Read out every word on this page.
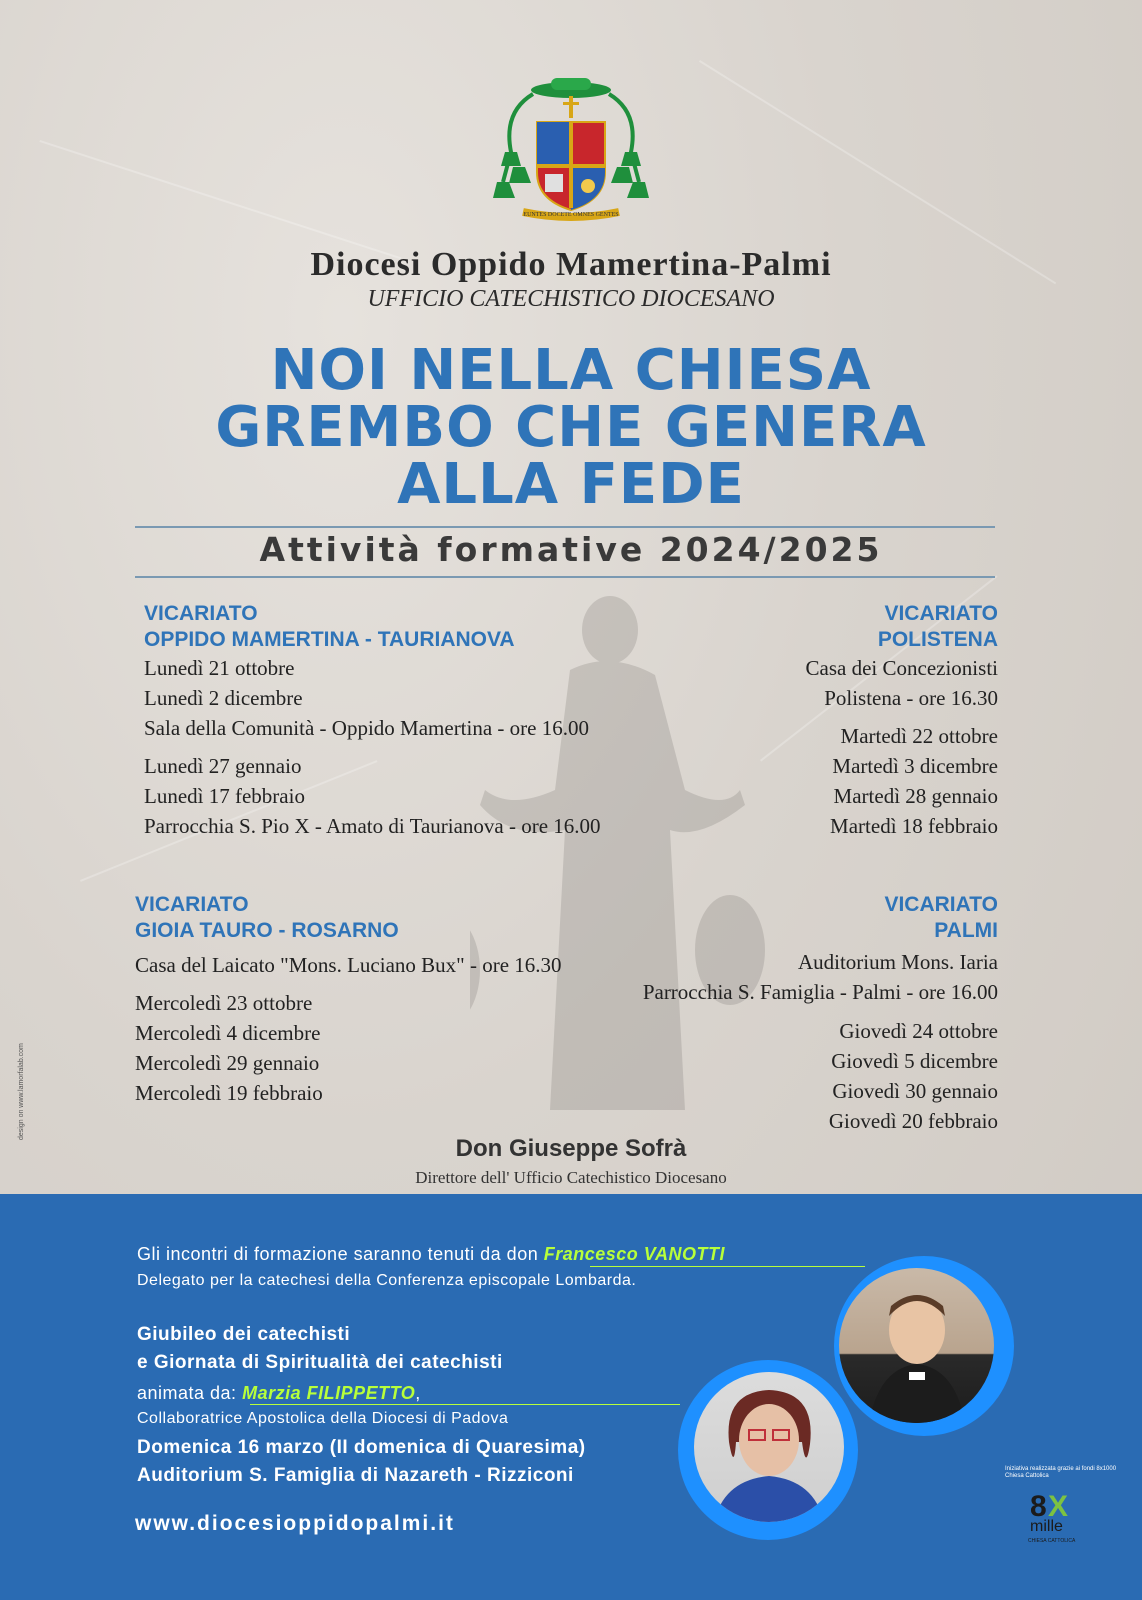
EUNTES DOCETE OMNES GENTES
Diocesi Oppido Mamertina-Palmi
UFFICIO CATECHISTICO DIOCESANO
NOI NELLA CHIESA
GREMBO CHE GENERA
ALLA FEDE
Attività formative 2024/2025
VICARIATO
OPPIDO MAMERTINA - TAURIANOVA
Lunedì 21 ottobre
Lunedì 2 dicembre
Sala della Comunità - Oppido Mamertina - ore 16.00
Lunedì 27 gennaio
Lunedì 17 febbraio
Parrocchia S. Pio X - Amato di Taurianova - ore 16.00
VICARIATO
POLISTENA
Casa dei Concezionisti
Polistena - ore 16.30
Martedì 22 ottobre
Martedì 3 dicembre
Martedì 28 gennaio
Martedì 18 febbraio
VICARIATO
GIOIA TAURO - ROSARNO
Casa del Laicato "Mons. Luciano Bux" - ore 16.30
Mercoledì 23 ottobre
Mercoledì 4 dicembre
Mercoledì 29 gennaio
Mercoledì 19 febbraio
VICARIATO
PALMI
Auditorium Mons. Iaria
Parrocchia S. Famiglia - Palmi - ore 16.00
Giovedì 24 ottobre
Giovedì 5 dicembre
Giovedì 30 gennaio
Giovedì 20 febbraio
Don Giuseppe Sofrà
Direttore dell' Ufficio Catechistico Diocesano
design on www.lamorfalab.com
Gli incontri di formazione saranno tenuti da don Francesco VANOTTI
Delegato per la catechesi della Conferenza episcopale Lombarda.
Giubileo dei catechisti
e Giornata di Spiritualità dei catechisti
animata da: Marzia FILIPPETTO,
Collaboratrice Apostolica della Diocesi di Padova
Domenica 16 marzo (II domenica di Quaresima)
Auditorium S. Famiglia di Nazareth - Rizziconi
www.diocesioppidopalmi.it
Iniziativa realizzata grazie ai fondi 8x1000 Chiesa Cattolica
8 X
mille
CHIESA CATTOLICA
